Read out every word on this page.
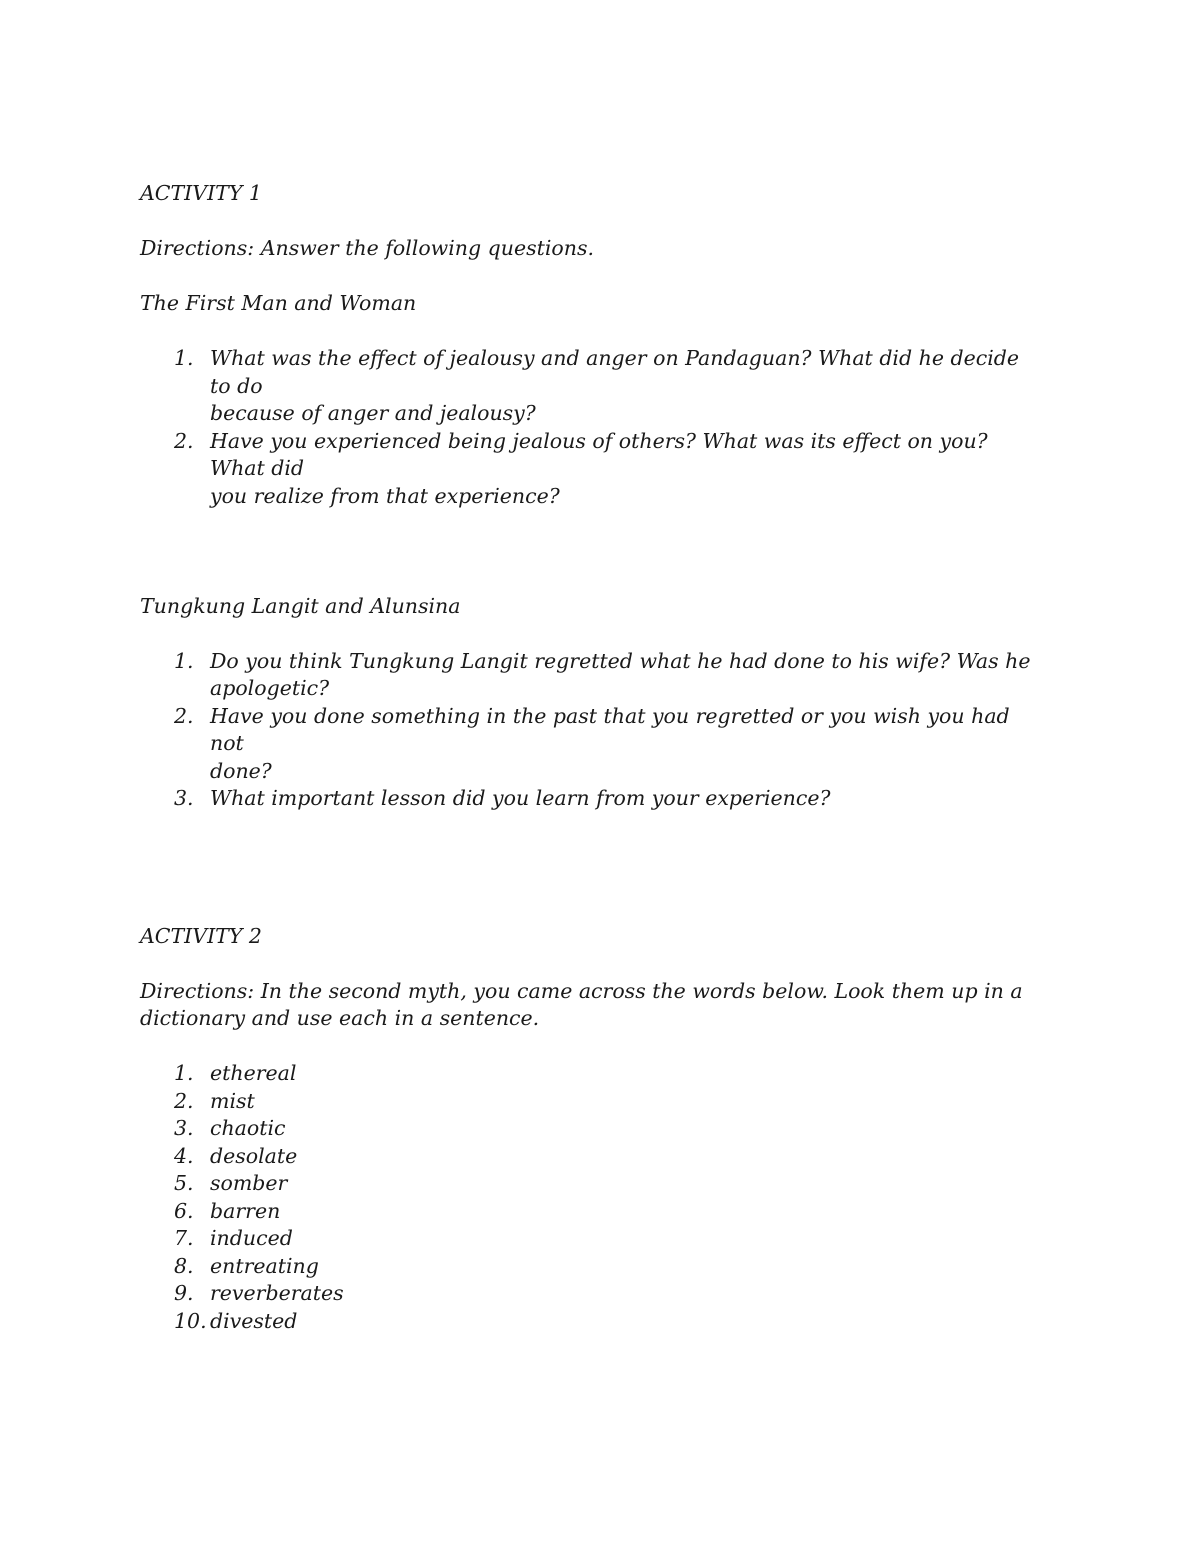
ACTIVITY 1

Directions: Answer the following questions.

The First Man and Woman

1. What was the effect of jealousy and anger on Pandaguan? What did he decide to do
because of anger and jealousy?
2. Have you experienced being jealous of others? What was its effect on you? What did
you realize from that experience?

Tungkung Langit and Alunsina

1. Do you think Tungkung Langit regretted what he had done to his wife? Was he
apologetic?
2. Have you done something in the past that you regretted or you wish you had not
done?
3. What important lesson did you learn from your experience?

ACTIVITY 2

Directions: In the second myth, you came across the words below. Look them up in a

dictionary and use each in a sentence.

1. ethereal
2. mist
3. chaotic
4. desolate
5. somber
6. barren
7. induced
8. entreating
9. reverberates
10. divested
